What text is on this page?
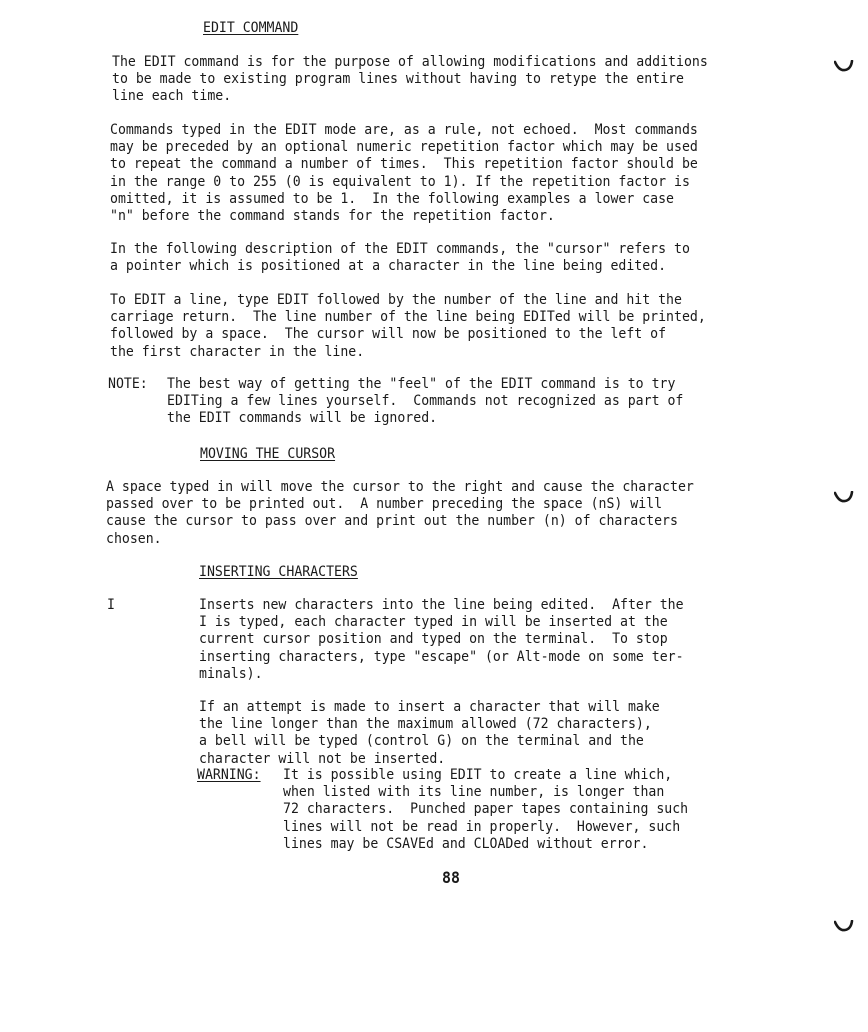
EDIT COMMAND
The EDIT command is for the purpose of allowing modifications and additions
to be made to existing program lines without having to retype the entire
line each time.
Commands typed in the EDIT mode are, as a rule, not echoed.  Most commands
may be preceded by an optional numeric repetition factor which may be used
to repeat the command a number of times.  This repetition factor should be
in the range 0 to 255 (0 is equivalent to 1). If the repetition factor is
omitted, it is assumed to be 1.  In the following examples a lower case
"n" before the command stands for the repetition factor.
In the following description of the EDIT commands, the "cursor" refers to
a pointer which is positioned at a character in the line being edited.
To EDIT a line, type EDIT followed by the number of the line and hit the
carriage return.  The line number of the line being EDITed will be printed,
followed by a space.  The cursor will now be positioned to the left of
the first character in the line.
NOTE: The best way of getting the "feel" of the EDIT command is to try
EDITing a few lines yourself.  Commands not recognized as part of
the EDIT commands will be ignored.
MOVING THE CURSOR
A space typed in will move the cursor to the right and cause the character
passed over to be printed out.  A number preceding the space (nS) will
cause the cursor to pass over and print out the number (n) of characters
chosen.
INSERTING CHARACTERS
I	Inserts new characters into the line being edited.  After the
I is typed, each character typed in will be inserted at the
current cursor position and typed on the terminal.  To stop
inserting characters, type "escape" (or Alt-mode on some ter-
minals).
If an attempt is made to insert a character that will make
the line longer than the maximum allowed (72 characters),
a bell will be typed (control G) on the terminal and the
character will not be inserted.
WARNING: It is possible using EDIT to create a line which,
when listed with its line number, is longer than
72 characters.  Punched paper tapes containing such
lines will not be read in properly.  However, such
lines may be CSAVEd and CLOADed without error.
88
